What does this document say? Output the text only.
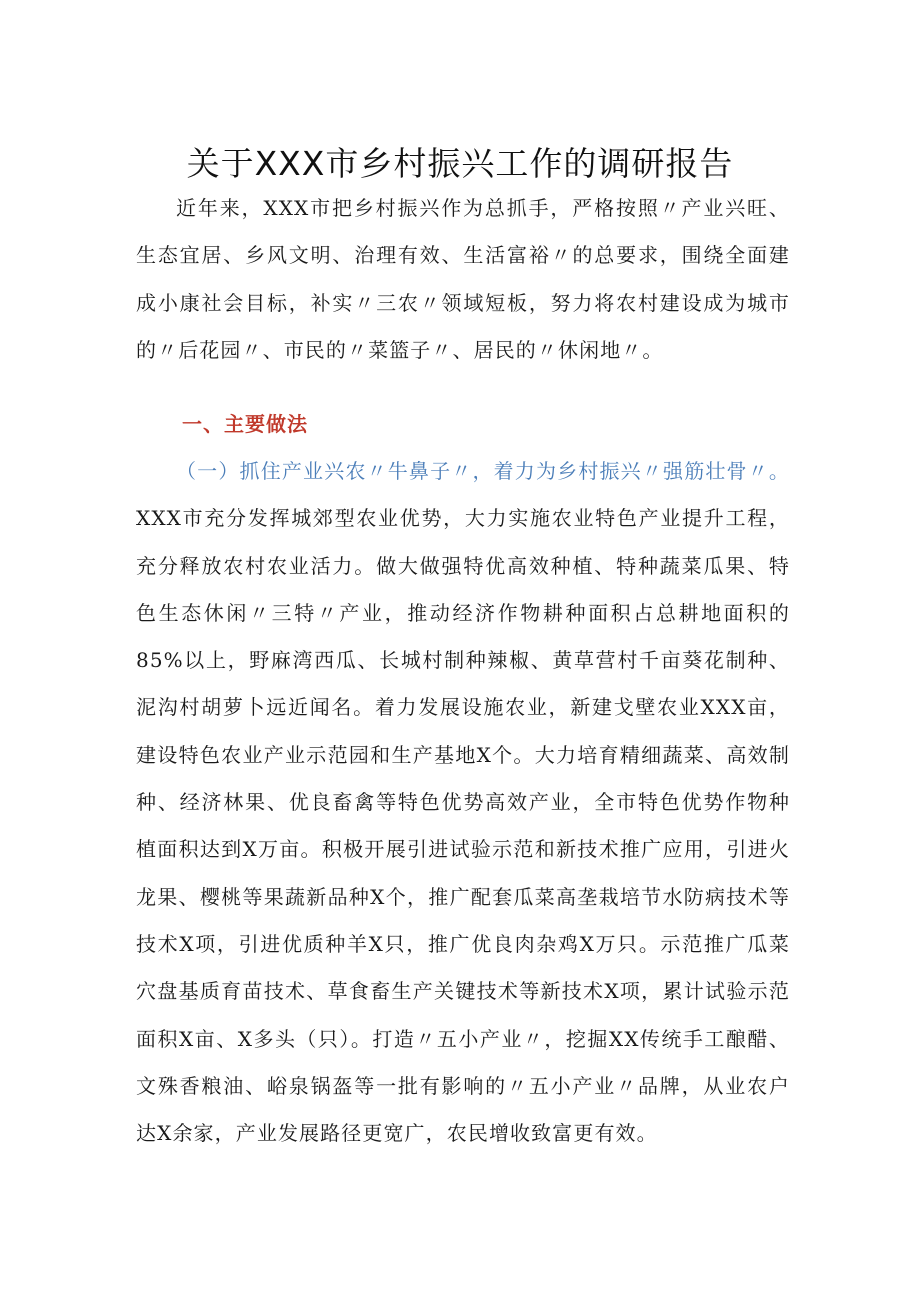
关于XXX市乡村振兴工作的调研报告

近年来，XXX市把乡村振兴作为总抓手，严格按照〃产业兴旺、生态宜居、乡风文明、治理有效、生活富裕〃的总要求，围绕全面建成小康社会目标，补实〃三农〃领域短板，努力将农村建设成为城市的〃后花园〃、市民的〃菜篮子〃、居民的〃休闲地〃。

一、主要做法

（一）抓住产业兴农〃牛鼻子〃，着力为乡村振兴〃强筋壮骨〃。XXX市充分发挥城郊型农业优势，大力实施农业特色产业提升工程，充分释放农村农业活力。做大做强特优高效种植、特种蔬菜瓜果、特色生态休闲〃三特〃产业，推动经济作物耕种面积占总耕地面积的85%以上，野麻湾西瓜、长城村制种辣椒、黄草营村千亩葵花制种、泥沟村胡萝卜远近闻名。着力发展设施农业，新建戈壁农业XXX亩，建设特色农业产业示范园和生产基地X个。大力培育精细蔬菜、高效制种、经济林果、优良畜禽等特色优势高效产业，全市特色优势作物种植面积达到X万亩。积极开展引进试验示范和新技术推广应用，引进火龙果、樱桃等果蔬新品种X个，推广配套瓜菜高垄栽培节水防病技术等技术X项，引进优质种羊X只，推广优良肉杂鸡X万只。示范推广瓜菜穴盘基质育苗技术、草食畜生产关键技术等新技术X项，累计试验示范面积X亩、X多头（只）。打造〃五小产业〃，挖掘XX传统手工酿醋、文殊香粮油、峪泉锅盔等一批有影响的〃五小产业〃品牌，从业农户达X余家，产业发展路径更宽广，农民增收致富更有效。
